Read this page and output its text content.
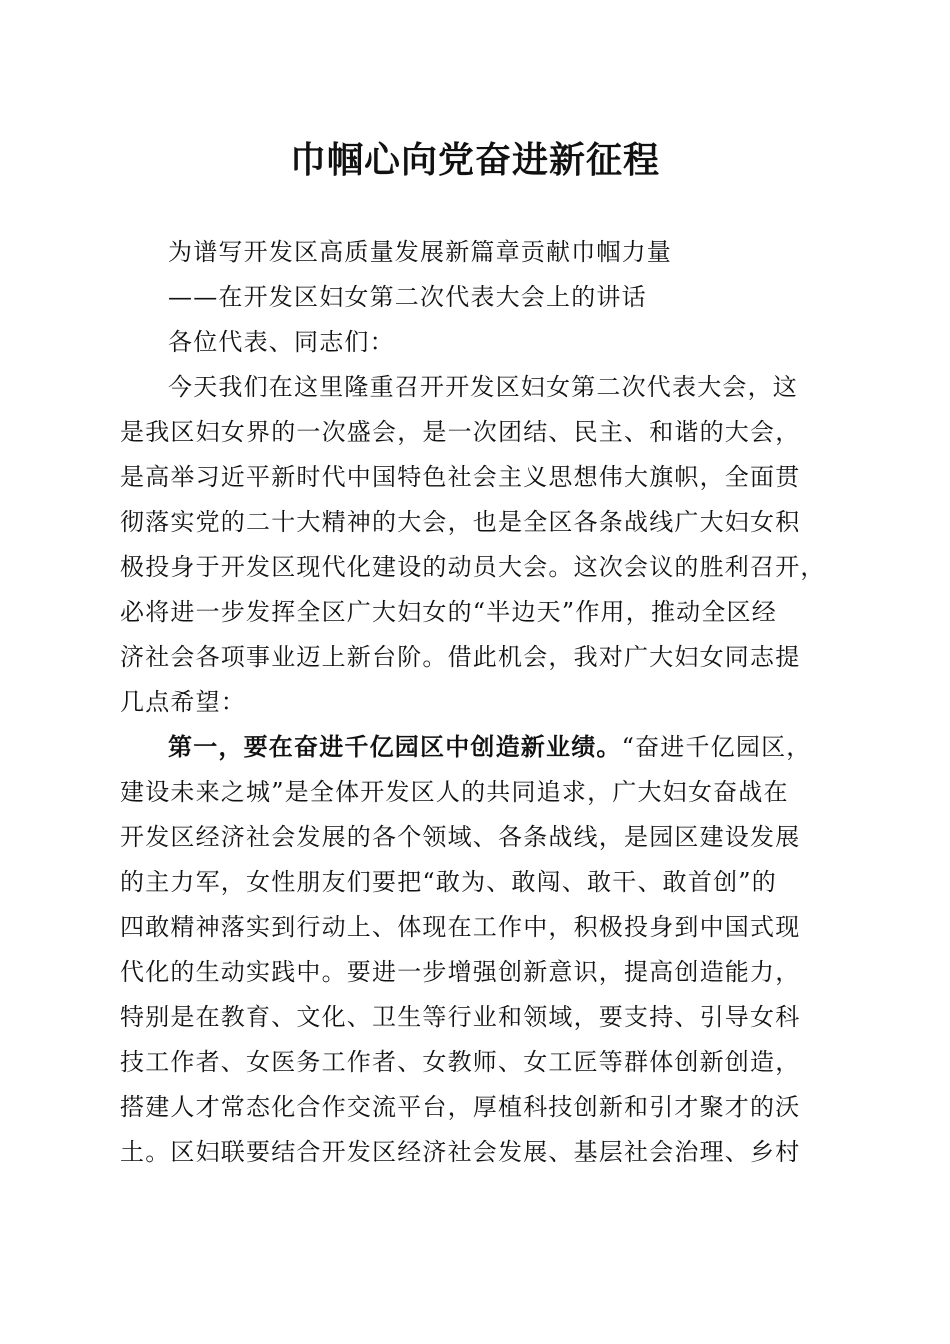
巾帼心向党奋进新征程

为谱写开发区高质量发展新篇章贡献巾帼力量

——在开发区妇女第二次代表大会上的讲话

各位代表、同志们：

今天我们在这里隆重召开开发区妇女第二次代表大会，这

是我区妇女界的一次盛会，是一次团结、民主、和谐的大会，

是高举习近平新时代中国特色社会主义思想伟大旗帜，全面贯

彻落实党的二十大精神的大会，也是全区各条战线广大妇女积

极投身于开发区现代化建设的动员大会。这次会议的胜利召开，

必将进一步发挥全区广大妇女的“半边天”作用，推动全区经

济社会各项事业迈上新台阶。借此机会，我对广大妇女同志提

几点希望：

第一，要在奋进千亿园区中创造新业绩。“奋进千亿园区，

建设未来之城”是全体开发区人的共同追求，广大妇女奋战在

开发区经济社会发展的各个领域、各条战线，是园区建设发展

的主力军，女性朋友们要把“敢为、敢闯、敢干、敢首创”的

四敢精神落实到行动上、体现在工作中，积极投身到中国式现

代化的生动实践中。要进一步增强创新意识，提高创造能力，

特别是在教育、文化、卫生等行业和领域，要支持、引导女科

技工作者、女医务工作者、女教师、女工匠等群体创新创造，

搭建人才常态化合作交流平台，厚植科技创新和引才聚才的沃

土。区妇联要结合开发区经济社会发展、基层社会治理、乡村
